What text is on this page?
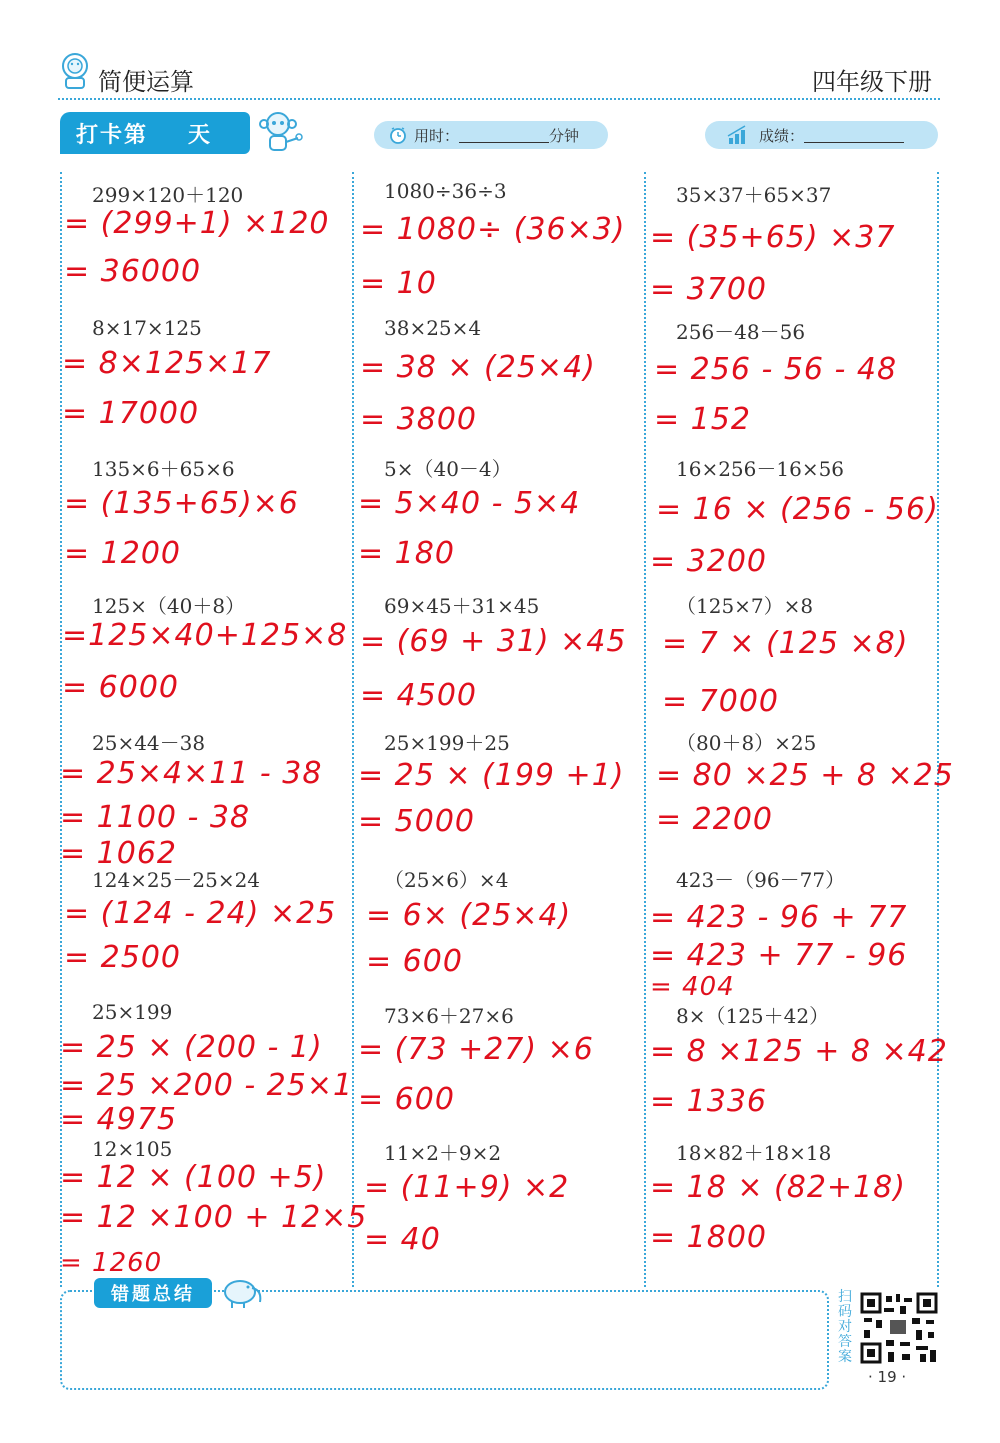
简便运算	四年级下册
打卡第 天	用时：	分钟	成绩：
299×120＋120
= (299+1) ×120
= 36000
8×17×125
= 8×125×17
= 17000
135×6＋65×6
= (135+65)×6
= 1200
125×（40＋8）
=125×40+125×8
= 6000
25×44－38
= 25×4×11 - 38
= 1100 - 38
= 1062
124×25－25×24
= (124 - 24) ×25
= 2500
25×199
= 25 × (200 - 1)
= 25 ×200 - 25×1
= 4975
12×105
= 12 × (100 +5)
= 12 ×100 + 12×5
= 1260
1080÷36÷3
= 1080÷ (36×3)
= 10
38×25×4
= 38 × (25×4)
= 3800
5×（40－4）
= 5×40 - 5×4
= 180
69×45＋31×45
= (69 + 31) ×45
= 4500
25×199＋25
= 25 × (199 +1)
= 5000
（25×6）×4
= 6× (25×4)
= 600
73×6＋27×6
= (73 +27) ×6
= 600
11×2＋9×2
= (11+9) ×2
= 40
35×37＋65×37
= (35+65) ×37
= 3700
256－48－56
= 256 - 56 - 48
= 152
16×256－16×56
= 16 × (256 - 56)
= 3200
（125×7）×8
= 7 × (125 ×8)
= 7000
（80＋8）×25
= 80 ×25 + 8 ×25
= 2200
423－（96－77）
= 423 - 96 + 77
= 423 + 77 - 96
= 404
8×（125＋42）
= 8 ×125 + 8 ×42
= 1336
18×82＋18×18
= 18 × (82+18)
= 1800
错题总结	扫码对答案
· 19 ·
